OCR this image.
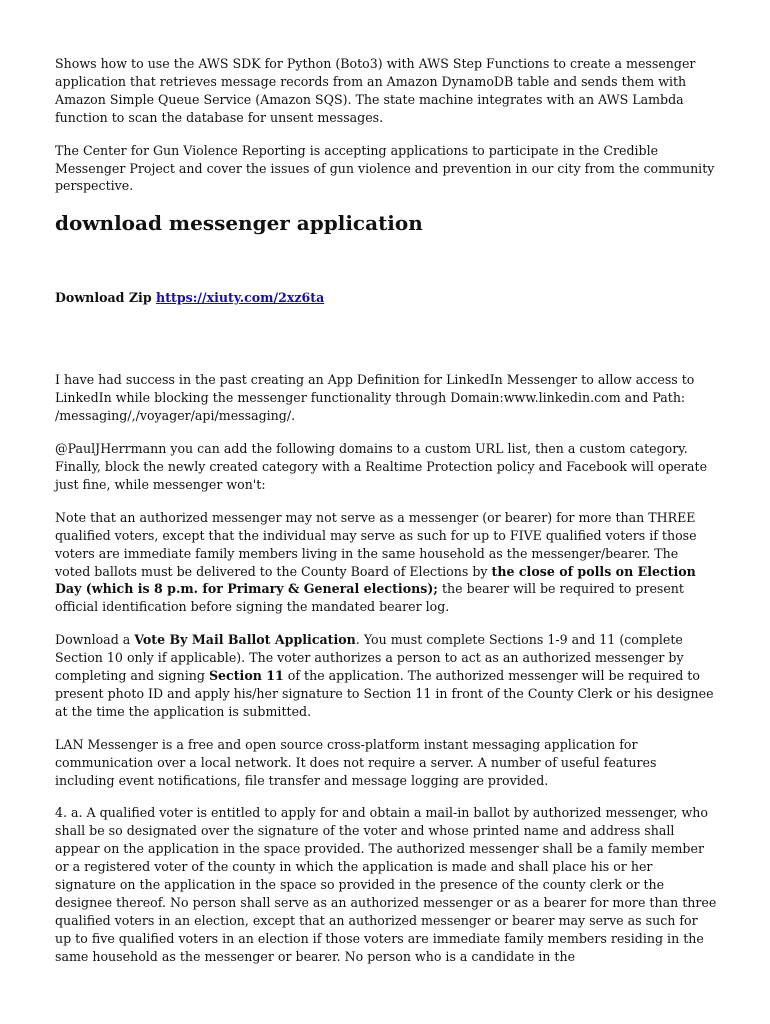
Shows how to use the AWS SDK for Python (Boto3) with AWS Step Functions to create a messenger application that retrieves message records from an Amazon DynamoDB table and sends them with Amazon Simple Queue Service (Amazon SQS). The state machine integrates with an AWS Lambda function to scan the database for unsent messages.

The Center for Gun Violence Reporting is accepting applications to participate in the Credible Messenger Project and cover the issues of gun violence and prevention in our city from the community perspective.

download messenger application
Download Zip https://xiuty.com/2xz6ta

I have had success in the past creating an App Definition for LinkedIn Messenger to allow access to LinkedIn while blocking the messenger functionality through Domain:www.linkedin.com and Path: /messaging/,/voyager/api/messaging/.

@PaulJHerrmann you can add the following domains to a custom URL list, then a custom category. Finally, block the newly created category with a Realtime Protection policy and Facebook will operate just fine, while messenger won't:

Note that an authorized messenger may not serve as a messenger (or bearer) for more than THREE qualified voters, except that the individual may serve as such for up to FIVE qualified voters if those voters are immediate family members living in the same household as the messenger/bearer. The voted ballots must be delivered to the County Board of Elections by the close of polls on Election Day (which is 8 p.m. for Primary & General elections); the bearer will be required to present official identification before signing the mandated bearer log.

Download a Vote By Mail Ballot Application. You must complete Sections 1-9 and 11 (complete Section 10 only if applicable). The voter authorizes a person to act as an authorized messenger by completing and signing Section 11 of the application. The authorized messenger will be required to present photo ID and apply his/her signature to Section 11 in front of the County Clerk or his designee at the time the application is submitted.

LAN Messenger is a free and open source cross-platform instant messaging application for communication over a local network. It does not require a server. A number of useful features including event notifications, file transfer and message logging are provided.

4. a. A qualified voter is entitled to apply for and obtain a mail-in ballot by authorized messenger, who shall be so designated over the signature of the voter and whose printed name and address shall appear on the application in the space provided. The authorized messenger shall be a family member or a registered voter of the county in which the application is made and shall place his or her signature on the application in the space so provided in the presence of the county clerk or the designee thereof. No person shall serve as an authorized messenger or as a bearer for more than three qualified voters in an election, except that an authorized messenger or bearer may serve as such for up to five qualified voters in an election if those voters are immediate family members residing in the same household as the messenger or bearer. No person who is a candidate in the
